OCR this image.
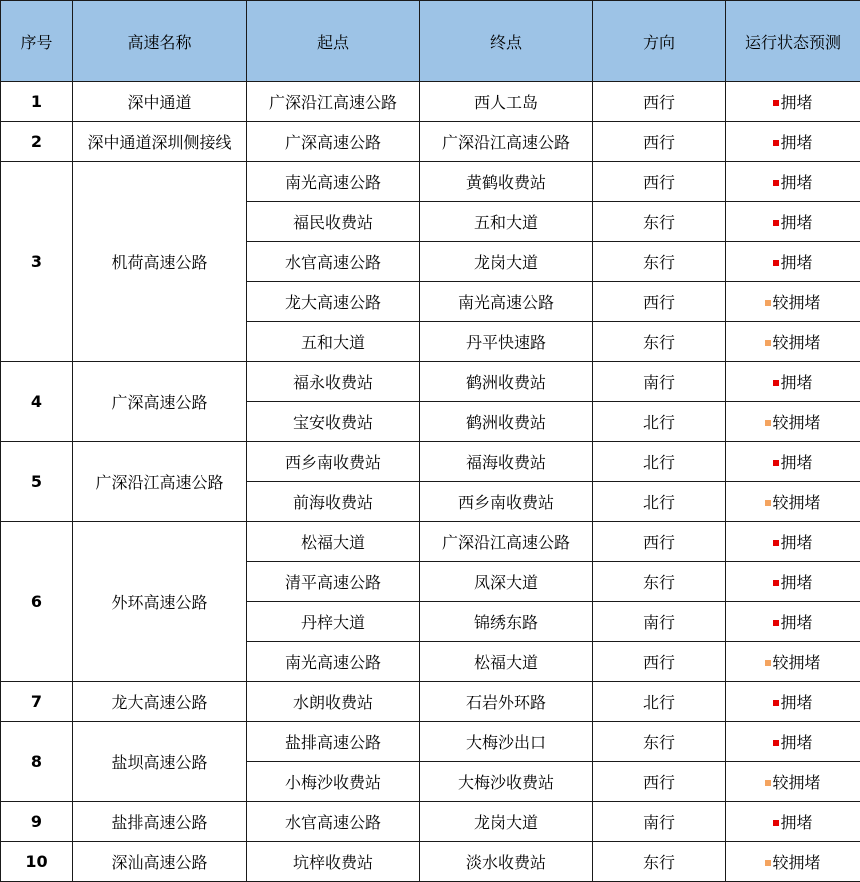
序号	高速名称	起点	终点	方向	运行状态预测
1	深中通道	广深沿江高速公路	西人工岛	西行	拥堵
2	深中通道深圳侧接线	广深高速公路	广深沿江高速公路	西行	拥堵
3	机荷高速公路	南光高速公路	黄鹤收费站	西行	拥堵
		福民收费站	五和大道	东行	拥堵
		水官高速公路	龙岗大道	东行	拥堵
		龙大高速公路	南光高速公路	西行	较拥堵
		五和大道	丹平快速路	东行	较拥堵
4	广深高速公路	福永收费站	鹤洲收费站	南行	拥堵
		宝安收费站	鹤洲收费站	北行	较拥堵
5	广深沿江高速公路	西乡南收费站	福海收费站	北行	拥堵
		前海收费站	西乡南收费站	北行	较拥堵
6	外环高速公路	松福大道	广深沿江高速公路	西行	拥堵
		清平高速公路	凤深大道	东行	拥堵
		丹梓大道	锦绣东路	南行	拥堵
		南光高速公路	松福大道	西行	较拥堵
7	龙大高速公路	水朗收费站	石岩外环路	北行	拥堵
8	盐坝高速公路	盐排高速公路	大梅沙出口	东行	拥堵
		小梅沙收费站	大梅沙收费站	西行	较拥堵
9	盐排高速公路	水官高速公路	龙岗大道	南行	拥堵
10	深汕高速公路	坑梓收费站	淡水收费站	东行	较拥堵
